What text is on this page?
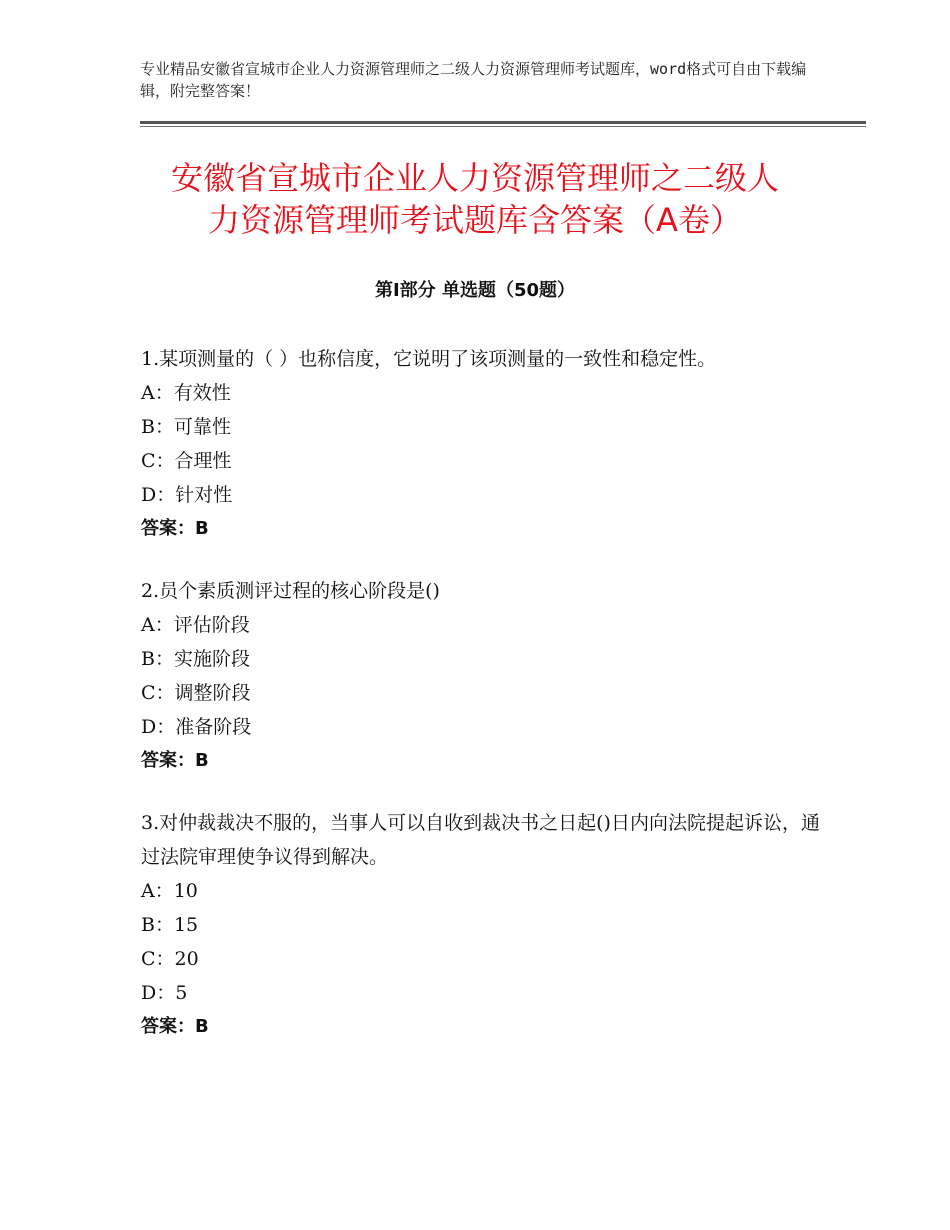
专业精品安徽省宣城市企业人力资源管理师之二级人力资源管理师考试题库，word格式可自由下载编辑，附完整答案！
安徽省宣城市企业人力资源管理师之二级人
力资源管理师考试题库含答案（A卷）
第Ⅰ部分 单选题（50题）
1.某项测量的（ ）也称信度，它说明了该项测量的一致性和稳定性。
A：有效性
B：可靠性
C：合理性
D：针对性
答案：B
2.员个素质测评过程的核心阶段是()
A：评估阶段
B：实施阶段
C：调整阶段
D：准备阶段
答案：B
3.对仲裁裁决不服的，当事人可以自收到裁决书之日起()日内向法院提起诉讼，通过法院审理使争议得到解决。
A：10
B：15
C：20
D：5
答案：B
